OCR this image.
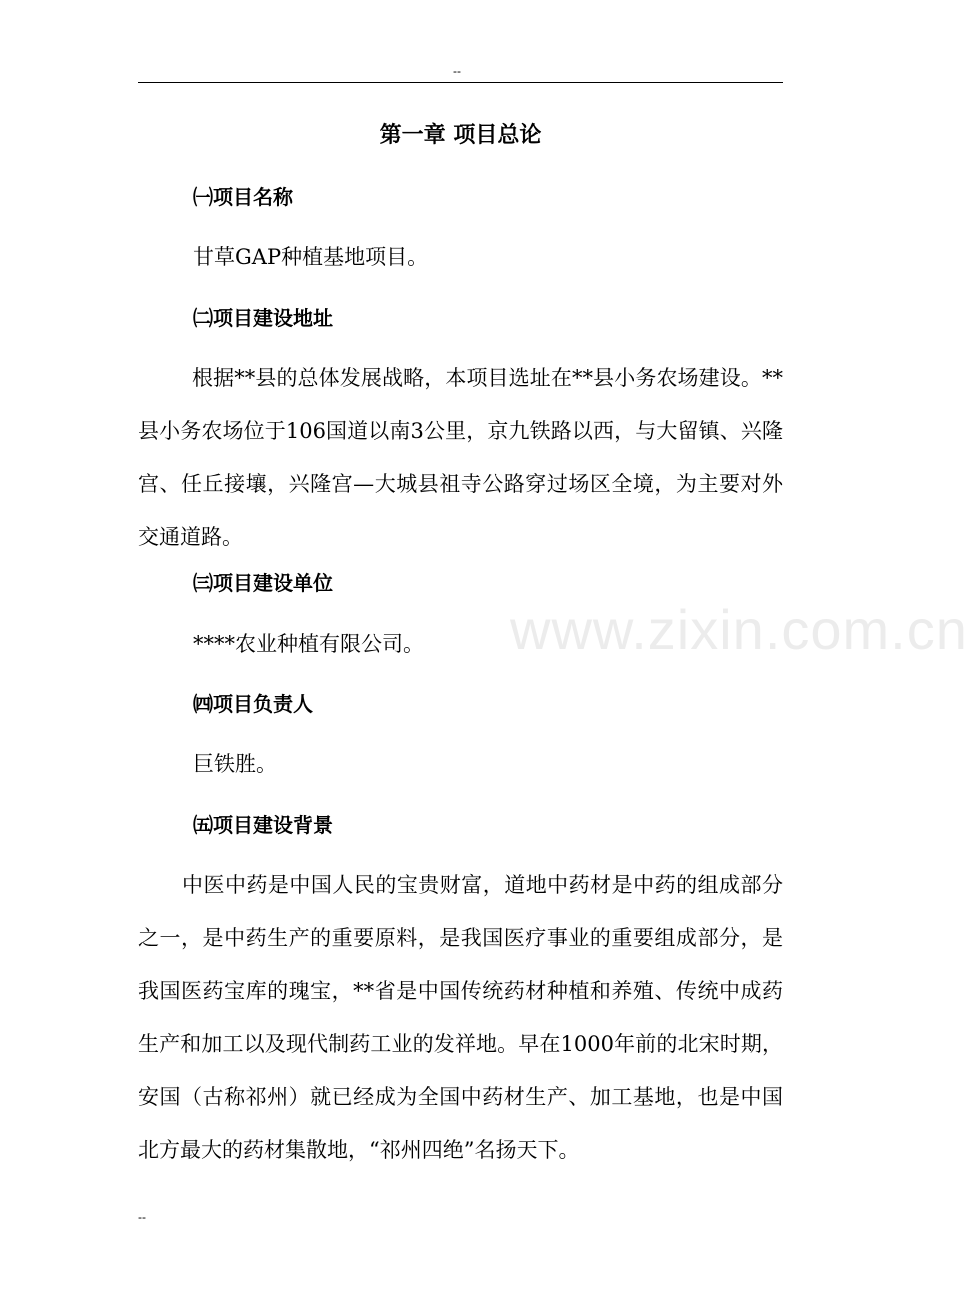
--
第一章 项目总论
㈠项目名称
甘草GAP种植基地项目。
㈡项目建设地址
根据**县的总体发展战略，本项目选址在**县小务农场建设。**县小务农场位于106国道以南3公里，京九铁路以西，与大留镇、兴隆宫、任丘接壤，兴隆宫—大城县祖寺公路穿过场区全境，为主要对外交通道路。
㈢项目建设单位
****农业种植有限公司。
㈣项目负责人
巨铁胜。
㈤项目建设背景
中医中药是中国人民的宝贵财富，道地中药材是中药的组成部分之一，是中药生产的重要原料，是我国医疗事业的重要组成部分，是我国医药宝库的瑰宝，**省是中国传统药材种植和养殖、传统中成药生产和加工以及现代制药工业的发祥地。早在1000年前的北宋时期，安国（古称祁州）就已经成为全国中药材生产、加工基地，也是中国北方最大的药材集散地，“祁州四绝”名扬天下。
www.zixin.com.cn
--
